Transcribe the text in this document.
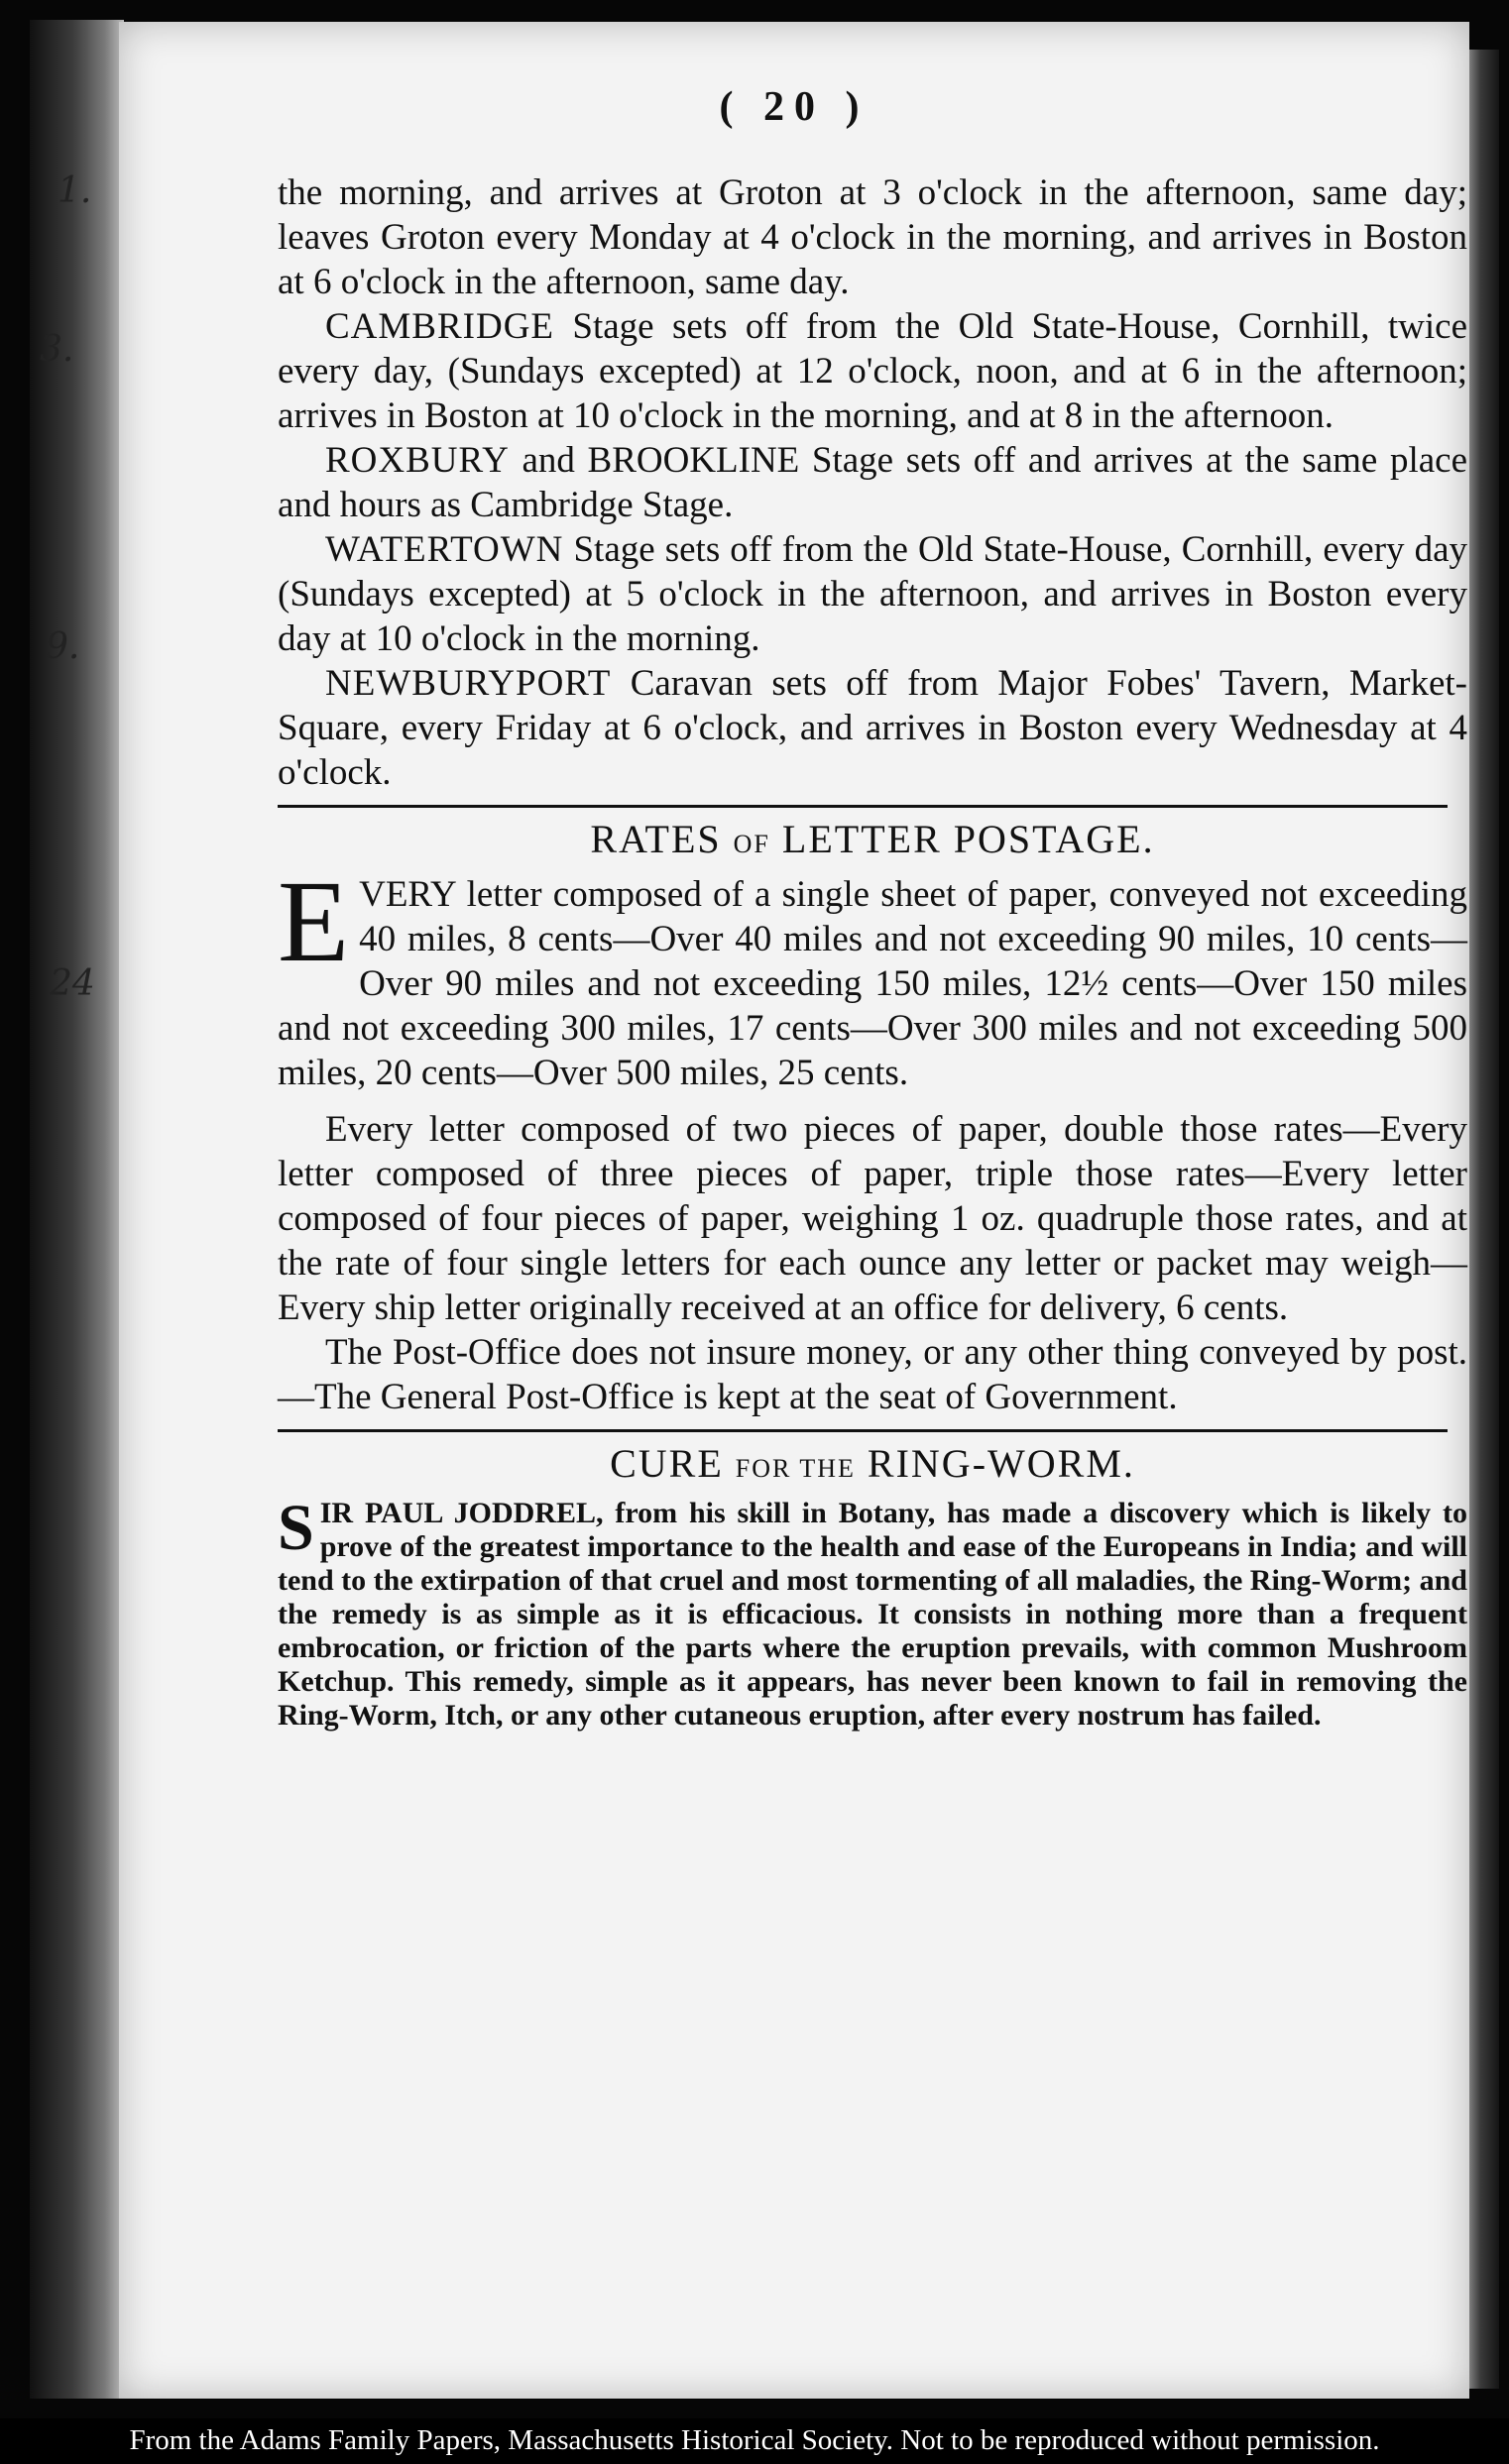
1.
3.
9.
24
( 20 )

the morning, and arrives at Groton at 3 o'clock in the afternoon, same day; leaves Groton every Monday at 4 o'clock in the morning, and arrives in Boston at 6 o'clock in the afternoon, same day.

CAMBRIDGE Stage sets off from the Old State-House, Cornhill, twice every day, (Sundays excepted) at 12 o'clock, noon, and at 6 in the afternoon; arrives in Boston at 10 o'clock in the morning, and at 8 in the afternoon.

ROXBURY and BROOKLINE Stage sets off and arrives at the same place and hours as Cambridge Stage.

WATERTOWN Stage sets off from the Old State-House, Cornhill, every day (Sundays excepted) at 5 o'clock in the afternoon, and arrives in Boston every day at 10 o'clock in the morning.

NEWBURYPORT Caravan sets off from Major Fobes' Tavern, Market-Square, every Friday at 6 o'clock, and arrives in Boston every Wednesday at 4 o'clock.

RATES OF LETTER POSTAGE.

EVERY letter composed of a single sheet of paper, conveyed not exceeding 40 miles, 8 cents—Over 40 miles and not exceeding 90 miles, 10 cents—Over 90 miles and not exceeding 150 miles, 12½ cents—Over 150 miles and not exceeding 300 miles, 17 cents—Over 300 miles and not exceeding 500 miles, 20 cents—Over 500 miles, 25 cents.

Every letter composed of two pieces of paper, double those rates—Every letter composed of three pieces of paper, triple those rates—Every letter composed of four pieces of paper, weighing 1 oz. quadruple those rates, and at the rate of four single letters for each ounce any letter or packet may weigh—Every ship letter originally received at an office for delivery, 6 cents.

The Post-Office does not insure money, or any other thing conveyed by post.—The General Post-Office is kept at the seat of Government.

CURE FOR THE RING-WORM.

SIR PAUL JODDREL, from his skill in Botany, has made a discovery which is likely to prove of the greatest importance to the health and ease of the Europeans in India; and will tend to the extirpation of that cruel and most tormenting of all maladies, the Ring-Worm; and the remedy is as simple as it is efficacious. It consists in nothing more than a frequent embrocation, or friction of the parts where the eruption prevails, with common Mushroom Ketchup. This remedy, simple as it appears, has never been known to fail in removing the Ring-Worm, Itch, or any other cutaneous eruption, after every nostrum has failed.

From the Adams Family Papers, Massachusetts Historical Society. Not to be reproduced without permission.
